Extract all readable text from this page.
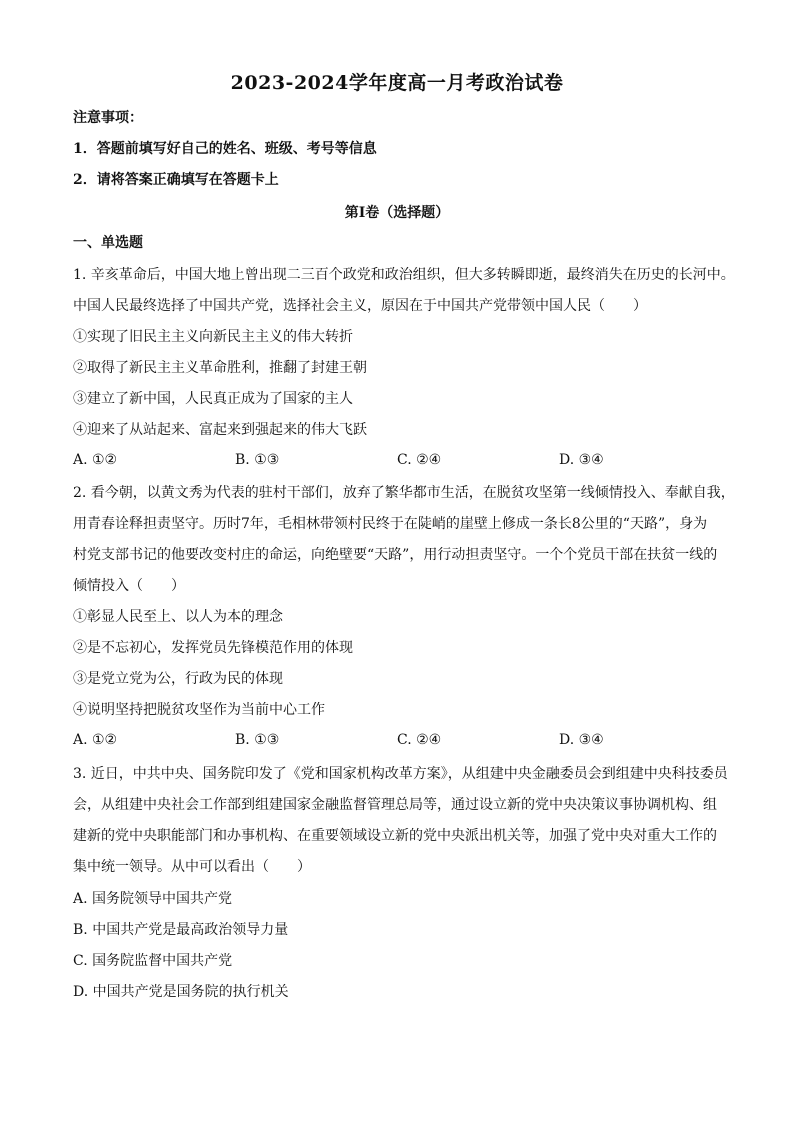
2023-2024学年度高一月考政治试卷
注意事项：
1．答题前填写好自己的姓名、班级、考号等信息
2．请将答案正确填写在答题卡上
第I卷（选择题）
一、单选题
1. 辛亥革命后，中国大地上曾出现二三百个政党和政治组织，但大多转瞬即逝，最终消失在历史的长河中。
中国人民最终选择了中国共产党，选择社会主义，原因在于中国共产党带领中国人民（　　）
①实现了旧民主主义向新民主主义的伟大转折
②取得了新民主主义革命胜利，推翻了封建王朝
③建立了新中国，人民真正成为了国家的主人
④迎来了从站起来、富起来到强起来的伟大飞跃
A. ①②	B. ①③	C. ②④	D. ③④
2. 看今朝，以黄文秀为代表的驻村干部们，放弃了繁华都市生活，在脱贫攻坚第一线倾情投入、奉献自我，
用青春诠释担责坚守。历时7年，毛相林带领村民终于在陡峭的崖壁上修成一条长8公里的“天路”，身为
村党支部书记的他要改变村庄的命运，向绝壁要“天路”，用行动担责坚守。一个个党员干部在扶贫一线的
倾情投入（　　）
①彰显人民至上、以人为本的理念
②是不忘初心，发挥党员先锋模范作用的体现
③是党立党为公，行政为民的体现
④说明坚持把脱贫攻坚作为当前中心工作
A. ①②	B. ①③	C. ②④	D. ③④
3. 近日，中共中央、国务院印发了《党和国家机构改革方案》，从组建中央金融委员会到组建中央科技委员
会，从组建中央社会工作部到组建国家金融监督管理总局等，通过设立新的党中央决策议事协调机构、组
建新的党中央职能部门和办事机构、在重要领域设立新的党中央派出机关等，加强了党中央对重大工作的
集中统一领导。从中可以看出（　　）
A. 国务院领导中国共产党
B. 中国共产党是最高政治领导力量
C. 国务院监督中国共产党
D. 中国共产党是国务院的执行机关
